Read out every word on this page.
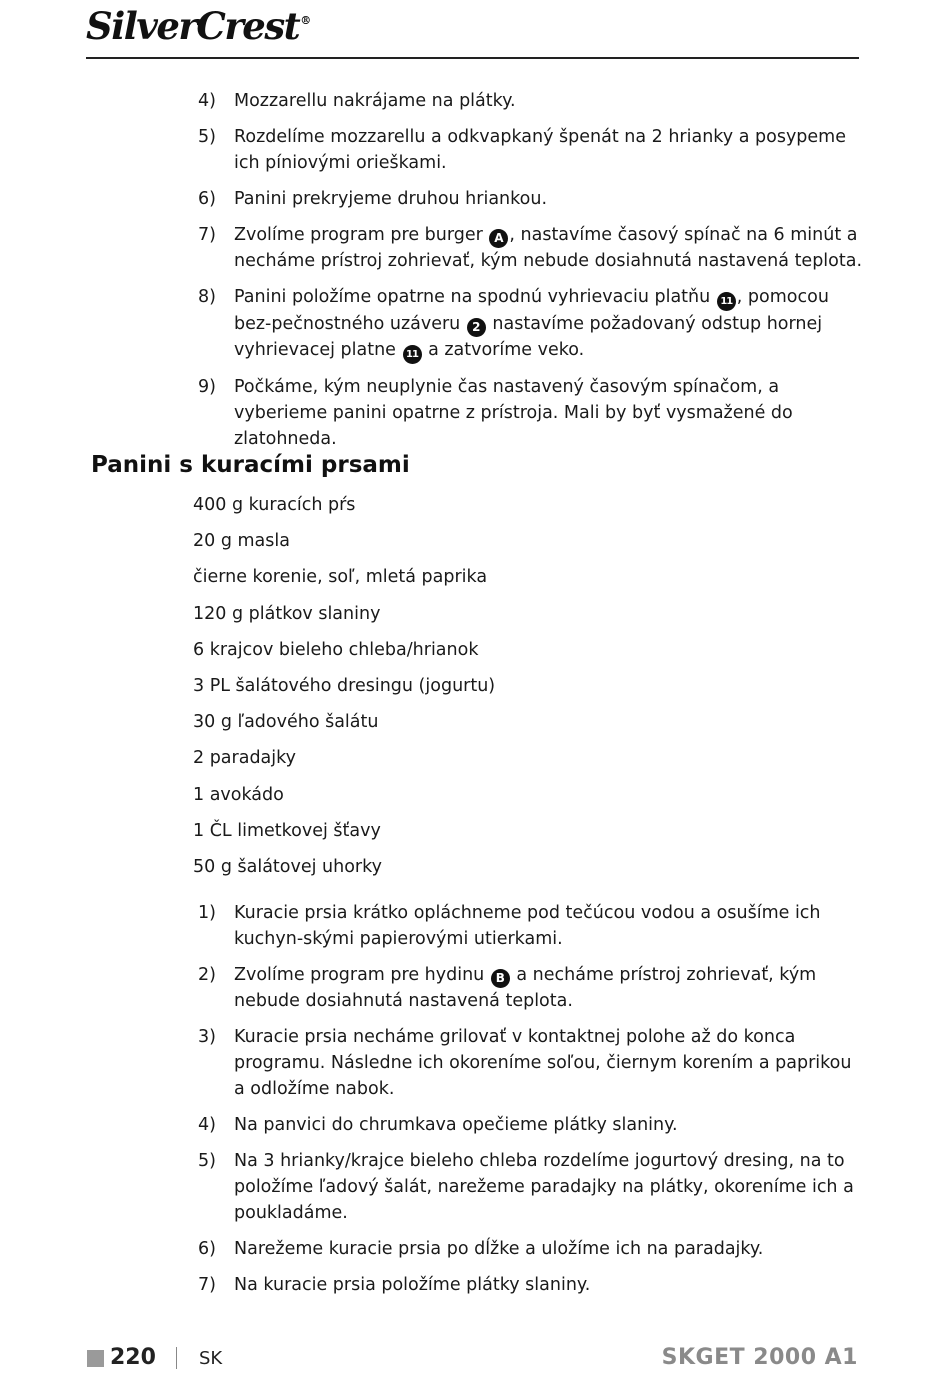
SilverCrest®
4)	Mozzarellu nakrájame na plátky.
5)	Rozdelíme mozzarellu a odkvapkaný špenát na 2 hrianky a posypeme ich píniovými orieškami.
6)	Panini prekryjeme druhou hriankou.
7)	Zvolíme program pre burger A , nastavíme časový spínač na 6 minút a necháme prístroj zohrievať, kým nebude dosiahnutá nastavená teplota.
8)	Panini položíme opatrne na spodnú vyhrievaciu platňu 11 , pomocou bez-pečnostného uzáveru 2 nastavíme požadovaný odstup hornej vyhrievacej platne 11 a zatvoríme veko.
9)	Počkáme, kým neuplynie čas nastavený časovým spínačom, a vyberieme panini opatrne z prístroja. Mali by byť vysmažené do zlatohneda.
Panini s kuracími prsami
400 g kuracích pŕs
20 g masla
čierne korenie, soľ, mletá paprika
120 g plátkov slaniny
6 krajcov bieleho chleba/hrianok
3 PL šalátového dresingu (jogurtu)
30 g ľadového šalátu
2 paradajky
1 avokádo
1 ČL limetkovej šťavy
50 g šalátovej uhorky
1)	Kuracie prsia krátko opláchneme pod tečúcou vodou a osušíme ich kuchyn-skými papierovými utierkami.
2)	Zvolíme program pre hydinu B a necháme prístroj zohrievať, kým nebude dosiahnutá nastavená teplota.
3)	Kuracie prsia necháme grilovať v kontaktnej polohe až do konca programu. Následne ich okoreníme soľou, čiernym korením a paprikou a odložíme nabok.
4)	Na panvici do chrumkava opečieme plátky slaniny.
5)	Na 3 hrianky/krajce bieleho chleba rozdelíme jogurtový dresing, na to položíme ľadový šalát, narežeme paradajky na plátky, okoreníme ich a poukladáme.
6)	Narežeme kuracie prsia po dĺžke a uložíme ich na paradajky.
7)	Na kuracie prsia položíme plátky slaniny.
220 SK	SKGET 2000 A1
